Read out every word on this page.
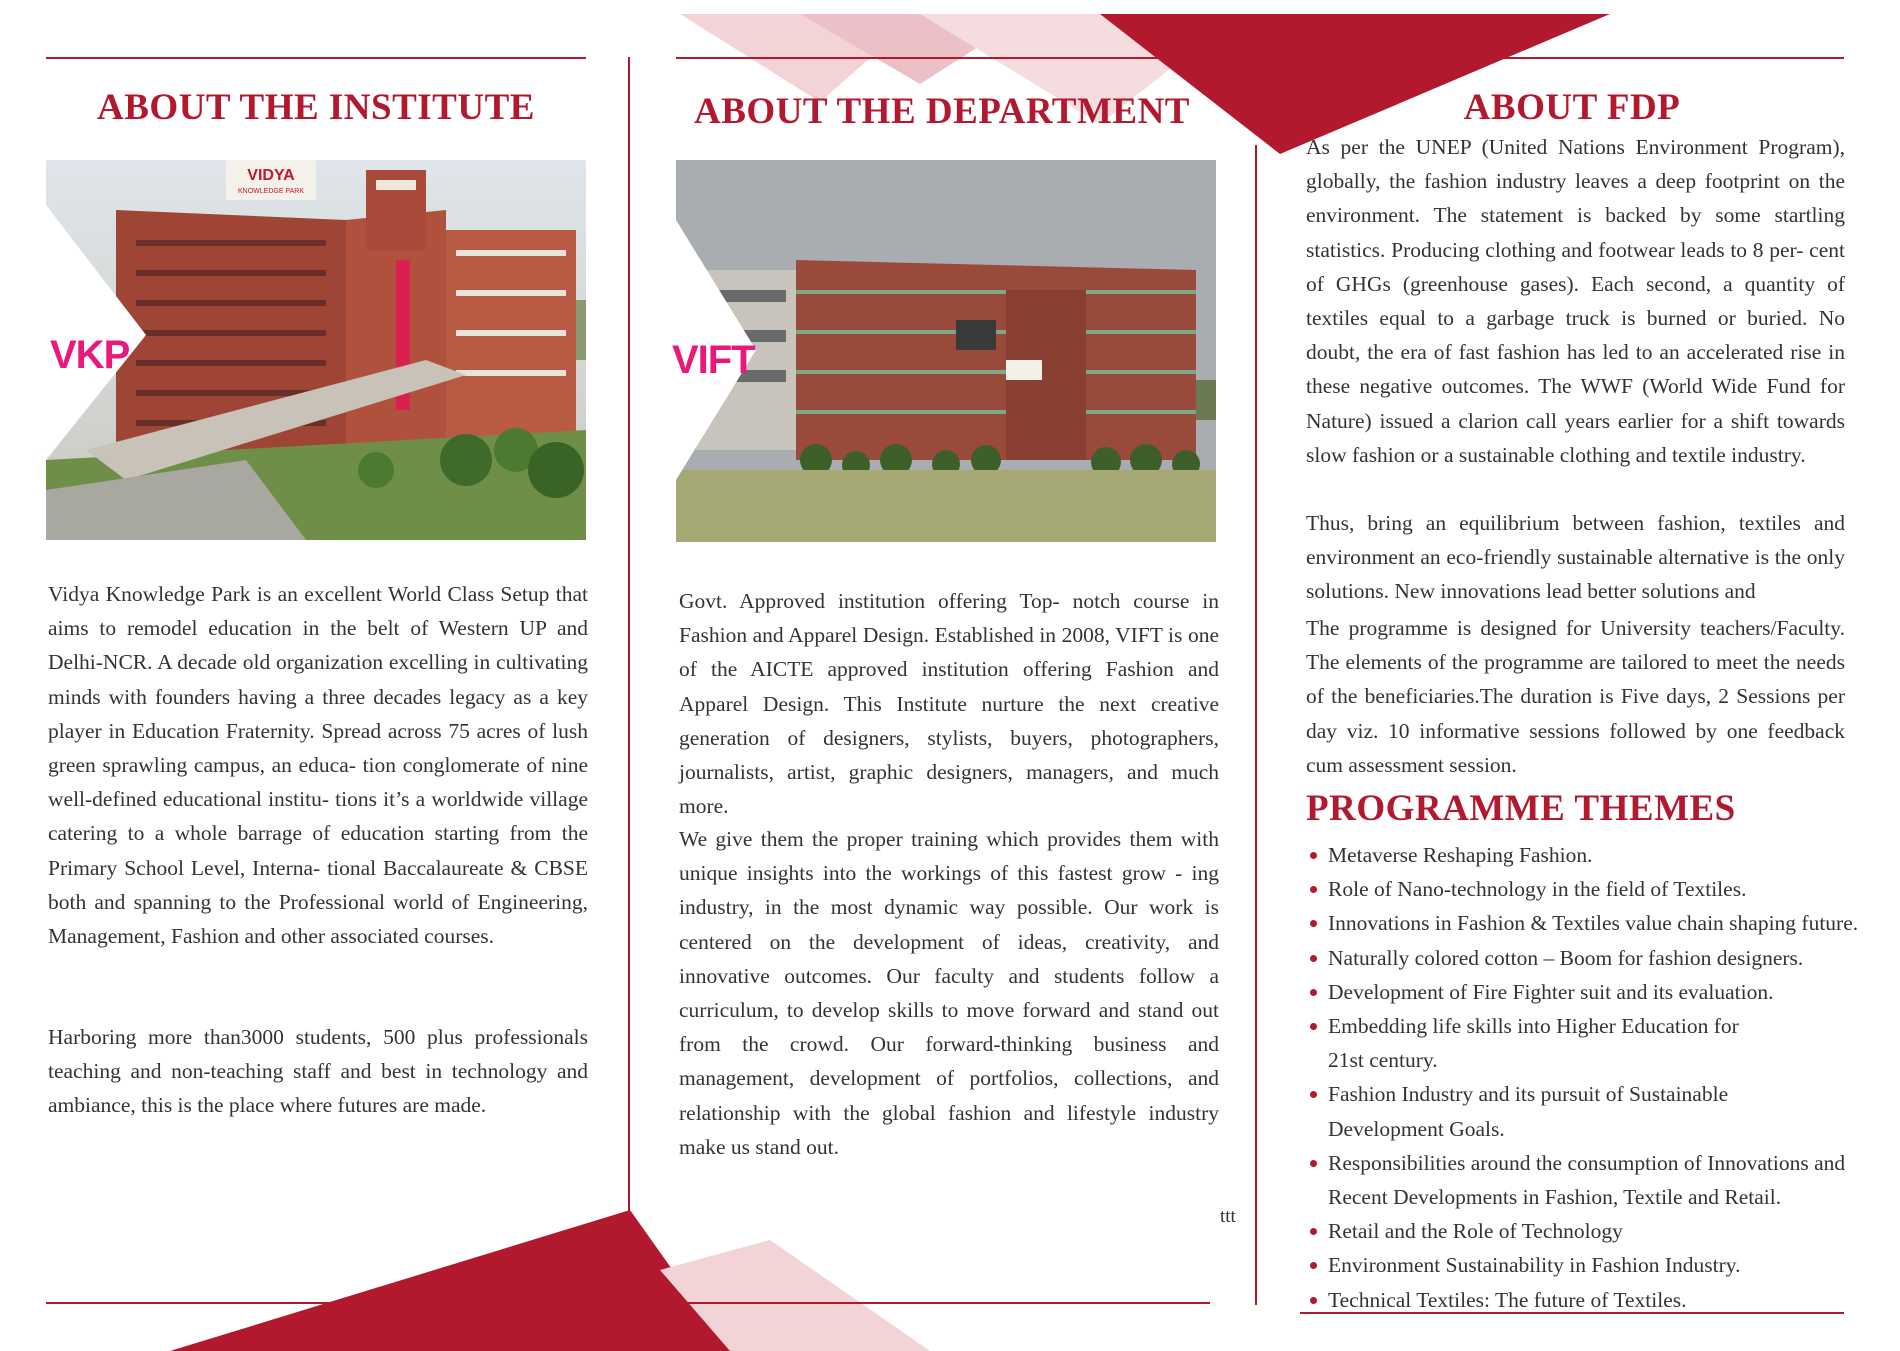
ABOUT THE INSTITUTE
VIDYA
KNOWLEDGE PARK
VKP

Vidya Knowledge Park is an excellent World Class Setup that aims to remodel education in the belt of Western UP and Delhi-NCR. A decade old organization excelling in cultivating minds with founders having a three decades legacy as a key player in Education Fraternity. Spread across 75 acres of lush green sprawling campus, an educa- tion conglomerate of nine well-defined educational institu- tions it’s a worldwide village catering to a whole barrage of education starting from the Primary School Level, Interna- tional Baccalaureate & CBSE both and spanning to the Professional world of Engineering, Management, Fashion and other associated courses.

Harboring more than3000 students, 500 plus professionals teaching and non-teaching staff and best in technology and ambiance, this is the place where futures are made.

ABOUT THE DEPARTMENT
VIFT

Govt. Approved institution offering Top- notch course in Fashion and Apparel Design. Established in 2008, VIFT is one of the AICTE approved institution offering Fashion and Apparel Design. This Institute nurture the next creative generation of designers, stylists, buyers, photographers, journalists, artist, graphic designers, managers, and much more.

We give them the proper training which provides them with unique insights into the workings of this fastest grow - ing industry, in the most dynamic way possible. Our work is centered on the development of ideas, creativity, and innovative outcomes. Our faculty and students follow a curriculum, to develop skills to move forward and stand out from the crowd. Our forward-thinking business and management, development of portfolios, collections, and relationship with the global fashion and lifestyle industry make us stand out.

ttt
ABOUT FDP

As per the UNEP (United Nations Environment Program), globally, the fashion industry leaves a deep footprint on the environment. The statement is backed by some startling statistics. Producing clothing and footwear leads to 8 per- cent of GHGs (greenhouse gases). Each second, a quantity of textiles equal to a garbage truck is burned or buried. No doubt, the era of fast fashion has led to an accelerated rise in these negative outcomes. The WWF (World Wide Fund for Nature) issued a clarion call years earlier for a shift towards slow fashion or a sustainable clothing and textile industry.

Thus, bring an equilibrium between fashion, textiles and environment an eco-friendly sustainable alternative is the only solutions. New innovations lead better solutions and

The programme is designed for University teachers/Faculty. The elements of the programme are tailored to meet the needs of the beneficiaries.The duration is Five days, 2 Sessions per day viz. 10 informative sessions followed by one feedback cum assessment session.

PROGRAMME THEMES
Metaverse Reshaping Fashion.
Role of Nano-technology in the field of Textiles.
Innovations in Fashion & Textiles value chain shaping future.
Naturally colored cotton – Boom for fashion designers.
Development of Fire Fighter suit and its evaluation.
Embedding life skills into Higher Education for 21st century.
Fashion Industry and its pursuit of Sustainable Development Goals.
Responsibilities around the consumption of Innovations and Recent Developments in Fashion, Textile and Retail.
Retail and the Role of Technology
Environment Sustainability in Fashion Industry.
Technical Textiles: The future of Textiles.
